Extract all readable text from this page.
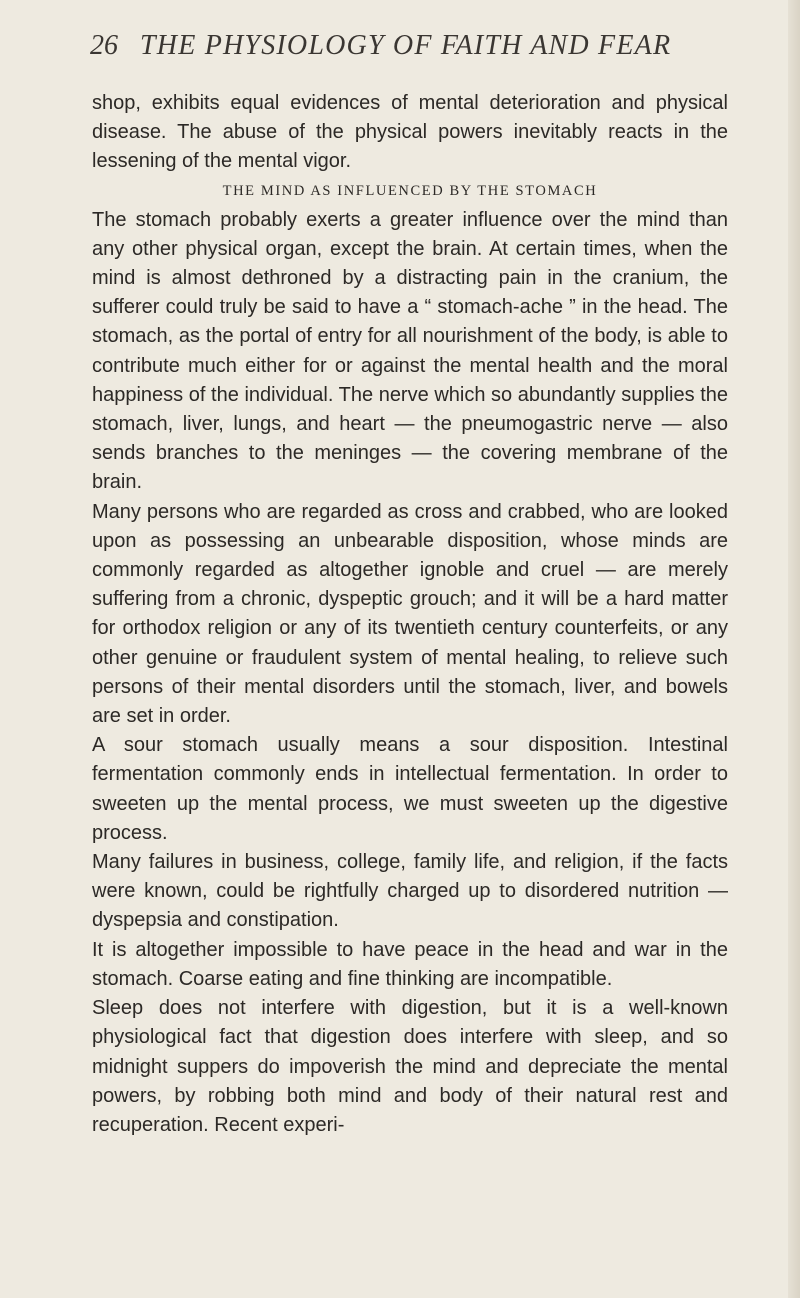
26 THE PHYSIOLOGY OF FAITH AND FEAR

shop, exhibits equal evidences of mental deterioration and physical disease. The abuse of the physical powers inevitably reacts in the lessening of the mental vigor.

THE MIND AS INFLUENCED BY THE STOMACH

The stomach probably exerts a greater influence over the mind than any other physical organ, except the brain. At certain times, when the mind is almost dethroned by a distracting pain in the cranium, the sufferer could truly be said to have a “ stomach-ache ” in the head. The stomach, as the portal of entry for all nourishment of the body, is able to contribute much either for or against the mental health and the moral happiness of the individual. The nerve which so abundantly supplies the stomach, liver, lungs, and heart — the pneumogastric nerve — also sends branches to the meninges — the covering membrane of the brain.

Many persons who are regarded as cross and crabbed, who are looked upon as possessing an unbearable disposition, whose minds are commonly regarded as altogether ignoble and cruel — are merely suffering from a chronic, dyspeptic grouch; and it will be a hard matter for orthodox religion or any of its twentieth century counterfeits, or any other genuine or fraudulent system of mental healing, to relieve such persons of their mental disorders until the stomach, liver, and bowels are set in order.

A sour stomach usually means a sour disposition. Intestinal fermentation commonly ends in intellectual fermentation. In order to sweeten up the mental process, we must sweeten up the digestive process.

Many failures in business, college, family life, and religion, if the facts were known, could be rightfully charged up to disordered nutrition — dyspepsia and constipation.

It is altogether impossible to have peace in the head and war in the stomach. Coarse eating and fine thinking are incompatible.

Sleep does not interfere with digestion, but it is a well-known physiological fact that digestion does interfere with sleep, and so midnight suppers do impoverish the mind and depreciate the mental powers, by robbing both mind and body of their natural rest and recuperation. Recent experi-
